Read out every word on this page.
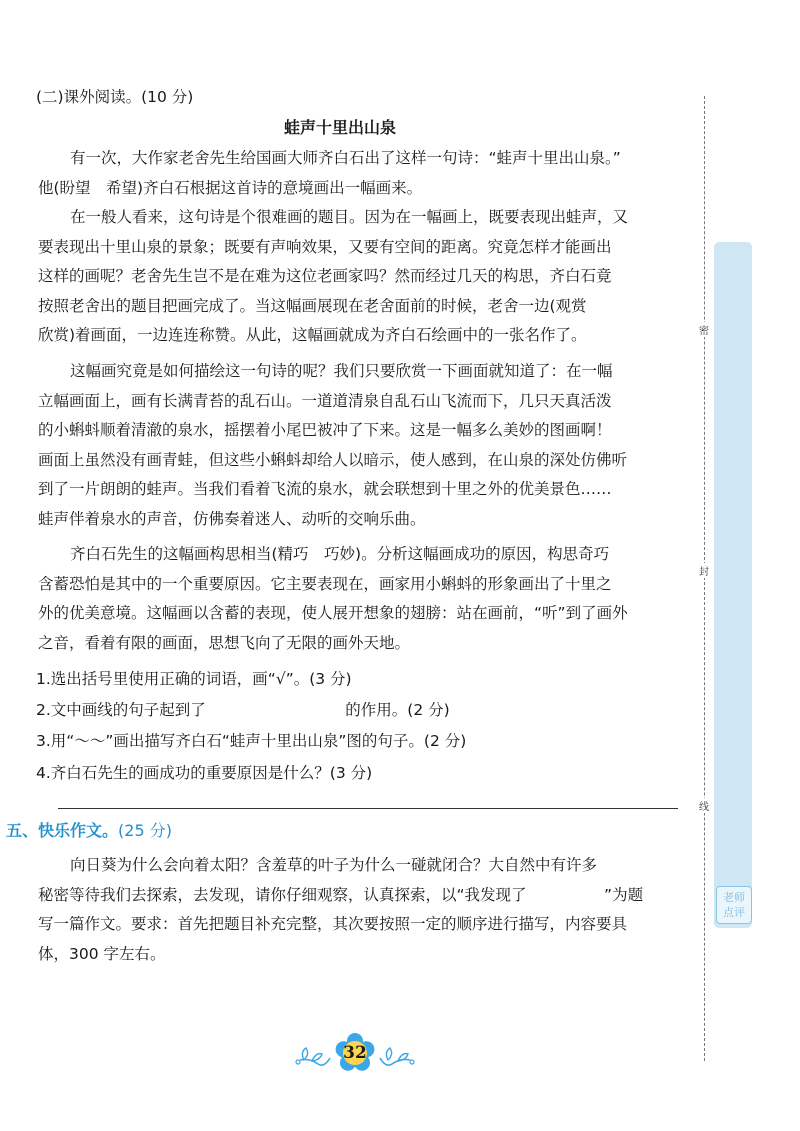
(二)课外阅读。(10 分)
蛙声十里出山泉
有一次，大作家老舍先生给国画大师齐白石出了这样一句诗：“蛙声十里出山泉。”
他(盼望　希望)齐白石根据这首诗的意境画出一幅画来。
在一般人看来，这句诗是个很难画的题目。因为在一幅画上，既要表现出蛙声，又
要表现出十里山泉的景象；既要有声响效果，又要有空间的距离。究竟怎样才能画出
这样的画呢？老舍先生岂不是在难为这位老画家吗？然而经过几天的构思，齐白石竟
按照老舍出的题目把画完成了。当这幅画展现在老舍面前的时候，老舍一边(观赏
欣赏)着画面，一边连连称赞。从此，这幅画就成为齐白石绘画中的一张名作了。
这幅画究竟是如何描绘这一句诗的呢？我们只要欣赏一下画面就知道了：在一幅
立幅画面上，画有长满青苔的乱石山。一道道清泉自乱石山飞流而下，几只天真活泼
的小蝌蚪顺着清澈的泉水，摇摆着小尾巴被冲了下来。这是一幅多么美妙的图画啊！
画面上虽然没有画青蛙，但这些小蝌蚪却给人以暗示，使人感到，在山泉的深处仿佛听
到了一片朗朗的蛙声。当我们看着飞流的泉水，就会联想到十里之外的优美景色……
蛙声伴着泉水的声音，仿佛奏着迷人、动听的交响乐曲。
齐白石先生的这幅画构思相当(精巧　巧妙)。分析这幅画成功的原因，构思奇巧
含蓄恐怕是其中的一个重要原因。它主要表现在，画家用小蝌蚪的形象画出了十里之
外的优美意境。这幅画以含蓄的表现，使人展开想象的翅膀：站在画前，“听”到了画外
之音，看着有限的画面，思想飞向了无限的画外天地。
1.选出括号里使用正确的词语，画“√”。(3 分)
2.文中画线的句子起到了　　　　　　　　　的作用。(2 分)
3.用“～～”画出描写齐白石“蛙声十里出山泉”图的句子。(2 分)
4.齐白石先生的画成功的重要原因是什么？(3 分)
五、快乐作文。(25 分)
向日葵为什么会向着太阳？含羞草的叶子为什么一碰就闭合？大自然中有许多
秘密等待我们去探索，去发现，请你仔细观察，认真探索，以“我发现了　　　　　”为题
写一篇作文。要求：首先把题目补充完整，其次要按照一定的顺序进行描写，内容要具
体，300 字左右。
密
封
线
老师
点评
32
